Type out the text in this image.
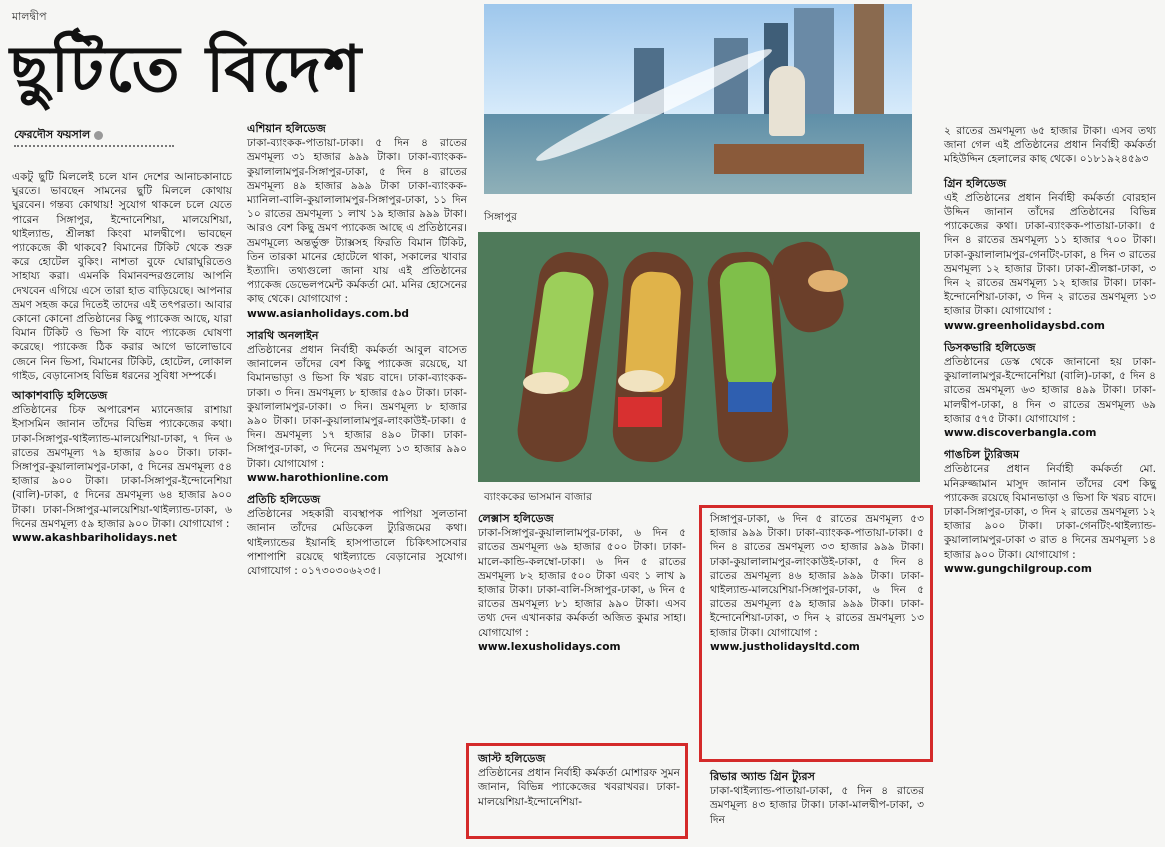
মালদ্বীপ
ছুটিতে বিদেশ
ফেরদৌস ফয়সাল
সিঙ্গাপুর
ব্যাংককের ভাসমান বাজার

একটু ছুটি মিললেই চলে যান দেশের আনাচকানাচে ঘুরতে। ভাবছেন সামনের ছুটি মিললে কোথায় ঘুরবেন। গন্তব্য কোথায়! সুযোগ থাকলে চলে যেতে পারেন সিঙ্গাপুর, ইন্দোনেশিয়া, মালয়েশিয়া, থাইল্যান্ড, শ্রীলঙ্কা কিংবা মালদ্বীপে। ভাবছেন প্যাকেজে কী থাকবে? বিমানের টিকিট থেকে শুরু করে হোটেল বুকিং। নাশতা বুফে ঘোরাঘুরিতেও সাহায্য করা। এমনকি বিমানবন্দরগুলোয় আপনি দেখবেন এগিয়ে এসে তারা হাত বাড়িয়েছে। আপনার ভ্রমণ সহজ করে দিতেই তাদের এই তৎপরতা। আবার কোনো কোনো প্রতিষ্ঠানের কিছু প্যাকেজ আছে, যারা বিমান টিকিট ও ভিসা ফি বাদে প্যাকেজ ঘোষণা করেছে। প্যাকেজ ঠিক করার আগে ভালোভাবে জেনে নিন ভিসা, বিমানের টিকিট, হোটেল, লোকাল গাইড, বেড়ানোসহ বিভিন্ন ধরনের সুবিধা সম্পর্কে।

আকাশবাড়ি হলিডেজ

প্রতিষ্ঠানের চিফ অপারেশন ম্যানেজার রাশায়া ইসাসমিন জানান তাঁদের বিভিন্ন প্যাকেজের কথা। ঢাকা-সিঙ্গাপুর-থাইল্যান্ড-মালয়েশিয়া-ঢাকা, ৭ দিন ৬ রাতের ভ্রমণমূল্য ৭৯ হাজার ৯০০ টাকা। ঢাকা-সিঙ্গাপুর-কুয়ালালামপুর-ঢাকা, ৫ দিনের ভ্রমণমূল্য ৫৪ হাজার ৯০০ টাকা। ঢাকা-সিঙ্গাপুর-ইন্দোনেশিয়া (বালি)-ঢাকা, ৫ দিনের ভ্রমণমূল্য ৬৪ হাজার ৯০০ টাকা। ঢাকা-সিঙ্গাপুর-মালয়েশিয়া-থাইল্যান্ড-ঢাকা, ৬ দিনের ভ্রমণমূল্য ৫৯ হাজার ৯০০ টাকা। যোগাযোগ :

www.akashbariholidays.net

এশিয়ান হলিডেজ

ঢাকা-ব্যাংকক-পাতায়া-ঢাকা। ৫ দিন ৪ রাতের ভ্রমণমূল্য ৩১ হাজার ৯৯৯ টাকা। ঢাকা-ব্যাংকক-কুয়ালালামপুর-সিঙ্গাপুর-ঢাকা, ৫ দিন ৪ রাতের ভ্রমণমূল্য ৪৯ হাজার ৯৯৯ টাকা ঢাকা-ব্যাংকক-ম্যানিলা-বালি-কুয়ালালামপুর-সিঙ্গাপুর-ঢাকা, ১১ দিন ১০ রাতের ভ্রমণমূল্য ১ লাখ ১৯ হাজার ৯৯৯ টাকা। আরও বেশ কিছু ভ্রমণ প্যাকেজ আছে এ প্রতিষ্ঠানের। ভ্রমণমূল্যে অন্তর্ভুক্ত ট্যাক্সসহ ফিরতি বিমান টিকিট, তিন তারকা মানের হোটেলে থাকা, সকালের খাবার ইত্যাদি। তথ্যগুলো জানা যায় এই প্রতিষ্ঠানের প্যাকেজ ডেভেলপমেন্ট কর্মকর্তা মো. মনির হোসেনের কাছ থেকে। যোগাযোগ :

www.asianholidays.com.bd

সারথি অনলাইন

প্রতিষ্ঠানের প্রধান নির্বাহী কর্মকর্তা আবুল বাসেত জানালেন তাঁদের বেশ কিছু প্যাকেজ রয়েছে, যা বিমানভাড়া ও ভিসা ফি খরচ বাদে। ঢাকা-ব্যাংকক-ঢাকা। ৩ দিন। ভ্রমণমূল্য ৮ হাজার ৫৯০ টাকা। ঢাকা-কুয়ালালামপুর-ঢাকা। ৩ দিন। ভ্রমণমূল্য ৮ হাজার ৯৯০ টাকা। ঢাকা-কুয়ালালামপুর-লাংকাউই-ঢাকা। ৫ দিন। ভ্রমণমূল্য ১৭ হাজার ৪৯০ টাকা। ঢাকা-সিঙ্গাপুর-ঢাকা, ৩ দিনের ভ্রমণমূল্য ১৩ হাজার ৯৯০ টাকা। যোগাযোগ :

www.harothionline.com

প্রতিচি হলিডেজ

প্রতিষ্ঠানের সহকারী ব্যবস্থাপক পাপিয়া সুলতানা জানান তাঁদের মেডিকেল ট্যুরিজমের কথা। থাইল্যান্ডের ইয়ানহি হাসপাতালে চিকিৎসাসেবার পাশাপাশি রয়েছে থাইল্যান্ডে বেড়ানোর সুযোগ। যোগাযোগ : ০১৭৩০৩০৬২৩৫।

লেক্সাস হলিডেজ

ঢাকা-সিঙ্গাপুর-কুয়ালালামপুর-ঢাকা, ৬ দিন ৫ রাতের ভ্রমণমূল্য ৬৯ হাজার ৫০০ টাকা। ঢাকা-মালে-কান্ডি-কলম্বো-ঢাকা। ৬ দিন ৫ রাতের ভ্রমণমূল্য ৮২ হাজার ৫০০ টাকা এবং ১ লাখ ৯ হাজার টাকা। ঢাকা-বালি-সিঙ্গাপুর-ঢাকা, ৬ দিন ৫ রাতের ভ্রমণমূল্য ৮১ হাজার ৯৯০ টাকা। এসব তথ্য দেন এখানকার কর্মকর্তা অজিত কুমার সাহা। যোগাযোগ :

www.lexusholidays.com

জাস্ট হলিডেজ

প্রতিষ্ঠানের প্রধান নির্বাহী কর্মকর্তা মোশারফ সুমন জানান, বিভিন্ন প্যাকেজের খবরাখবর। ঢাকা-মালয়েশিয়া-ইন্দোনেশিয়া-

সিঙ্গাপুর-ঢাকা, ৬ দিন ৫ রাতের ভ্রমণমূল্য ৫৩ হাজার ৯৯৯ টাকা। ঢাকা-ব্যাংকক-পাতায়া-ঢাকা। ৫ দিন ৪ রাতের ভ্রমণমূল্য ৩৩ হাজার ৯৯৯ টাকা। ঢাকা-কুয়ালালামপুর-লাংকাউই-ঢাকা, ৫ দিন ৪ রাতের ভ্রমণমূল্য ৪৬ হাজার ৯৯৯ টাকা। ঢাকা-থাইল্যান্ড-মালয়েশিয়া-সিঙ্গাপুর-ঢাকা, ৬ দিন ৫ রাতের ভ্রমণমূল্য ৫৯ হাজার ৯৯৯ টাকা। ঢাকা-ইন্দোনেশিয়া-ঢাকা, ৩ দিন ২ রাতের ভ্রমণমূল্য ১৩ হাজার টাকা। যোগাযোগ :

www.justholidaysltd.com

রিভার অ্যান্ড গ্রিন ট্যুরস

ঢাকা-থাইল্যান্ড-পাতায়া-ঢাকা, ৫ দিন ৪ রাতের ভ্রমণমূল্য ৪৩ হাজার টাকা। ঢাকা-মালদ্বীপ-ঢাকা, ৩ দিন

২ রাতের ভ্রমণমূল্য ৬৫ হাজার টাকা। এসব তথ্য জানা গেল এই প্রতিষ্ঠানের প্রধান নির্বাহী কর্মকর্তা মহিউদ্দিন হেলালের কাছ থেকে। ০১৮১৯২৪৫৯৩

গ্রিন হলিডেজ

এই প্রতিষ্ঠানের প্রধান নির্বাহী কর্মকর্তা বোরহান উদ্দিন জানান তাঁদের প্রতিষ্ঠানের বিভিন্ন প্যাকেজের কথা। ঢাকা-ব্যাংকক-পাতায়া-ঢাকা। ৫ দিন ৪ রাতের ভ্রমণমূল্য ১১ হাজার ৭০০ টাকা। ঢাকা-কুয়ালালামপুর-গেনটিং-ঢাকা, ৪ দিন ৩ রাতের ভ্রমণমূল্য ১২ হাজার টাকা। ঢাকা-শ্রীলঙ্কা-ঢাকা, ৩ দিন ২ রাতের ভ্রমণমূল্য ১২ হাজার টাকা। ঢাকা-ইন্দোনেশিয়া-ঢাকা, ৩ দিন ২ রাতের ভ্রমণমূল্য ১৩ হাজার টাকা। যোগাযোগ :

www.greenholidaysbd.com

ডিসকভারি হলিডেজ

প্রতিষ্ঠানের ডেস্ক থেকে জানানো হয় ঢাকা-কুয়ালালামপুর-ইন্দোনেশিয়া (বালি)-ঢাকা, ৫ দিন ৪ রাতের ভ্রমণমূল্য ৬৩ হাজার ৪৯৯ টাকা। ঢাকা-মালদ্বীপ-ঢাকা, ৪ দিন ৩ রাতের ভ্রমণমূল্য ৬৯ হাজার ৫৭৫ টাকা। যোগাযোগ :

www.discoverbangla.com

গাঙচিল ট্যুরিজম

প্রতিষ্ঠানের প্রধান নির্বাহী কর্মকর্তা মো. মনিরুজ্জামান মাসুদ জানান তাঁদের বেশ কিছু প্যাকেজ রয়েছে বিমানভাড়া ও ভিসা ফি খরচ বাদে। ঢাকা-সিঙ্গাপুর-ঢাকা, ৩ দিন ২ রাতের ভ্রমণমূল্য ১২ হাজার ৯০০ টাকা। ঢাকা-গেনটিং-থাইল্যান্ড-কুয়ালালামপুর-ঢাকা ৩ রাত ৪ দিনের ভ্রমণমূল্য ১৪ হাজার ৯০০ টাকা। যোগাযোগ :

www.gungchilgroup.com
